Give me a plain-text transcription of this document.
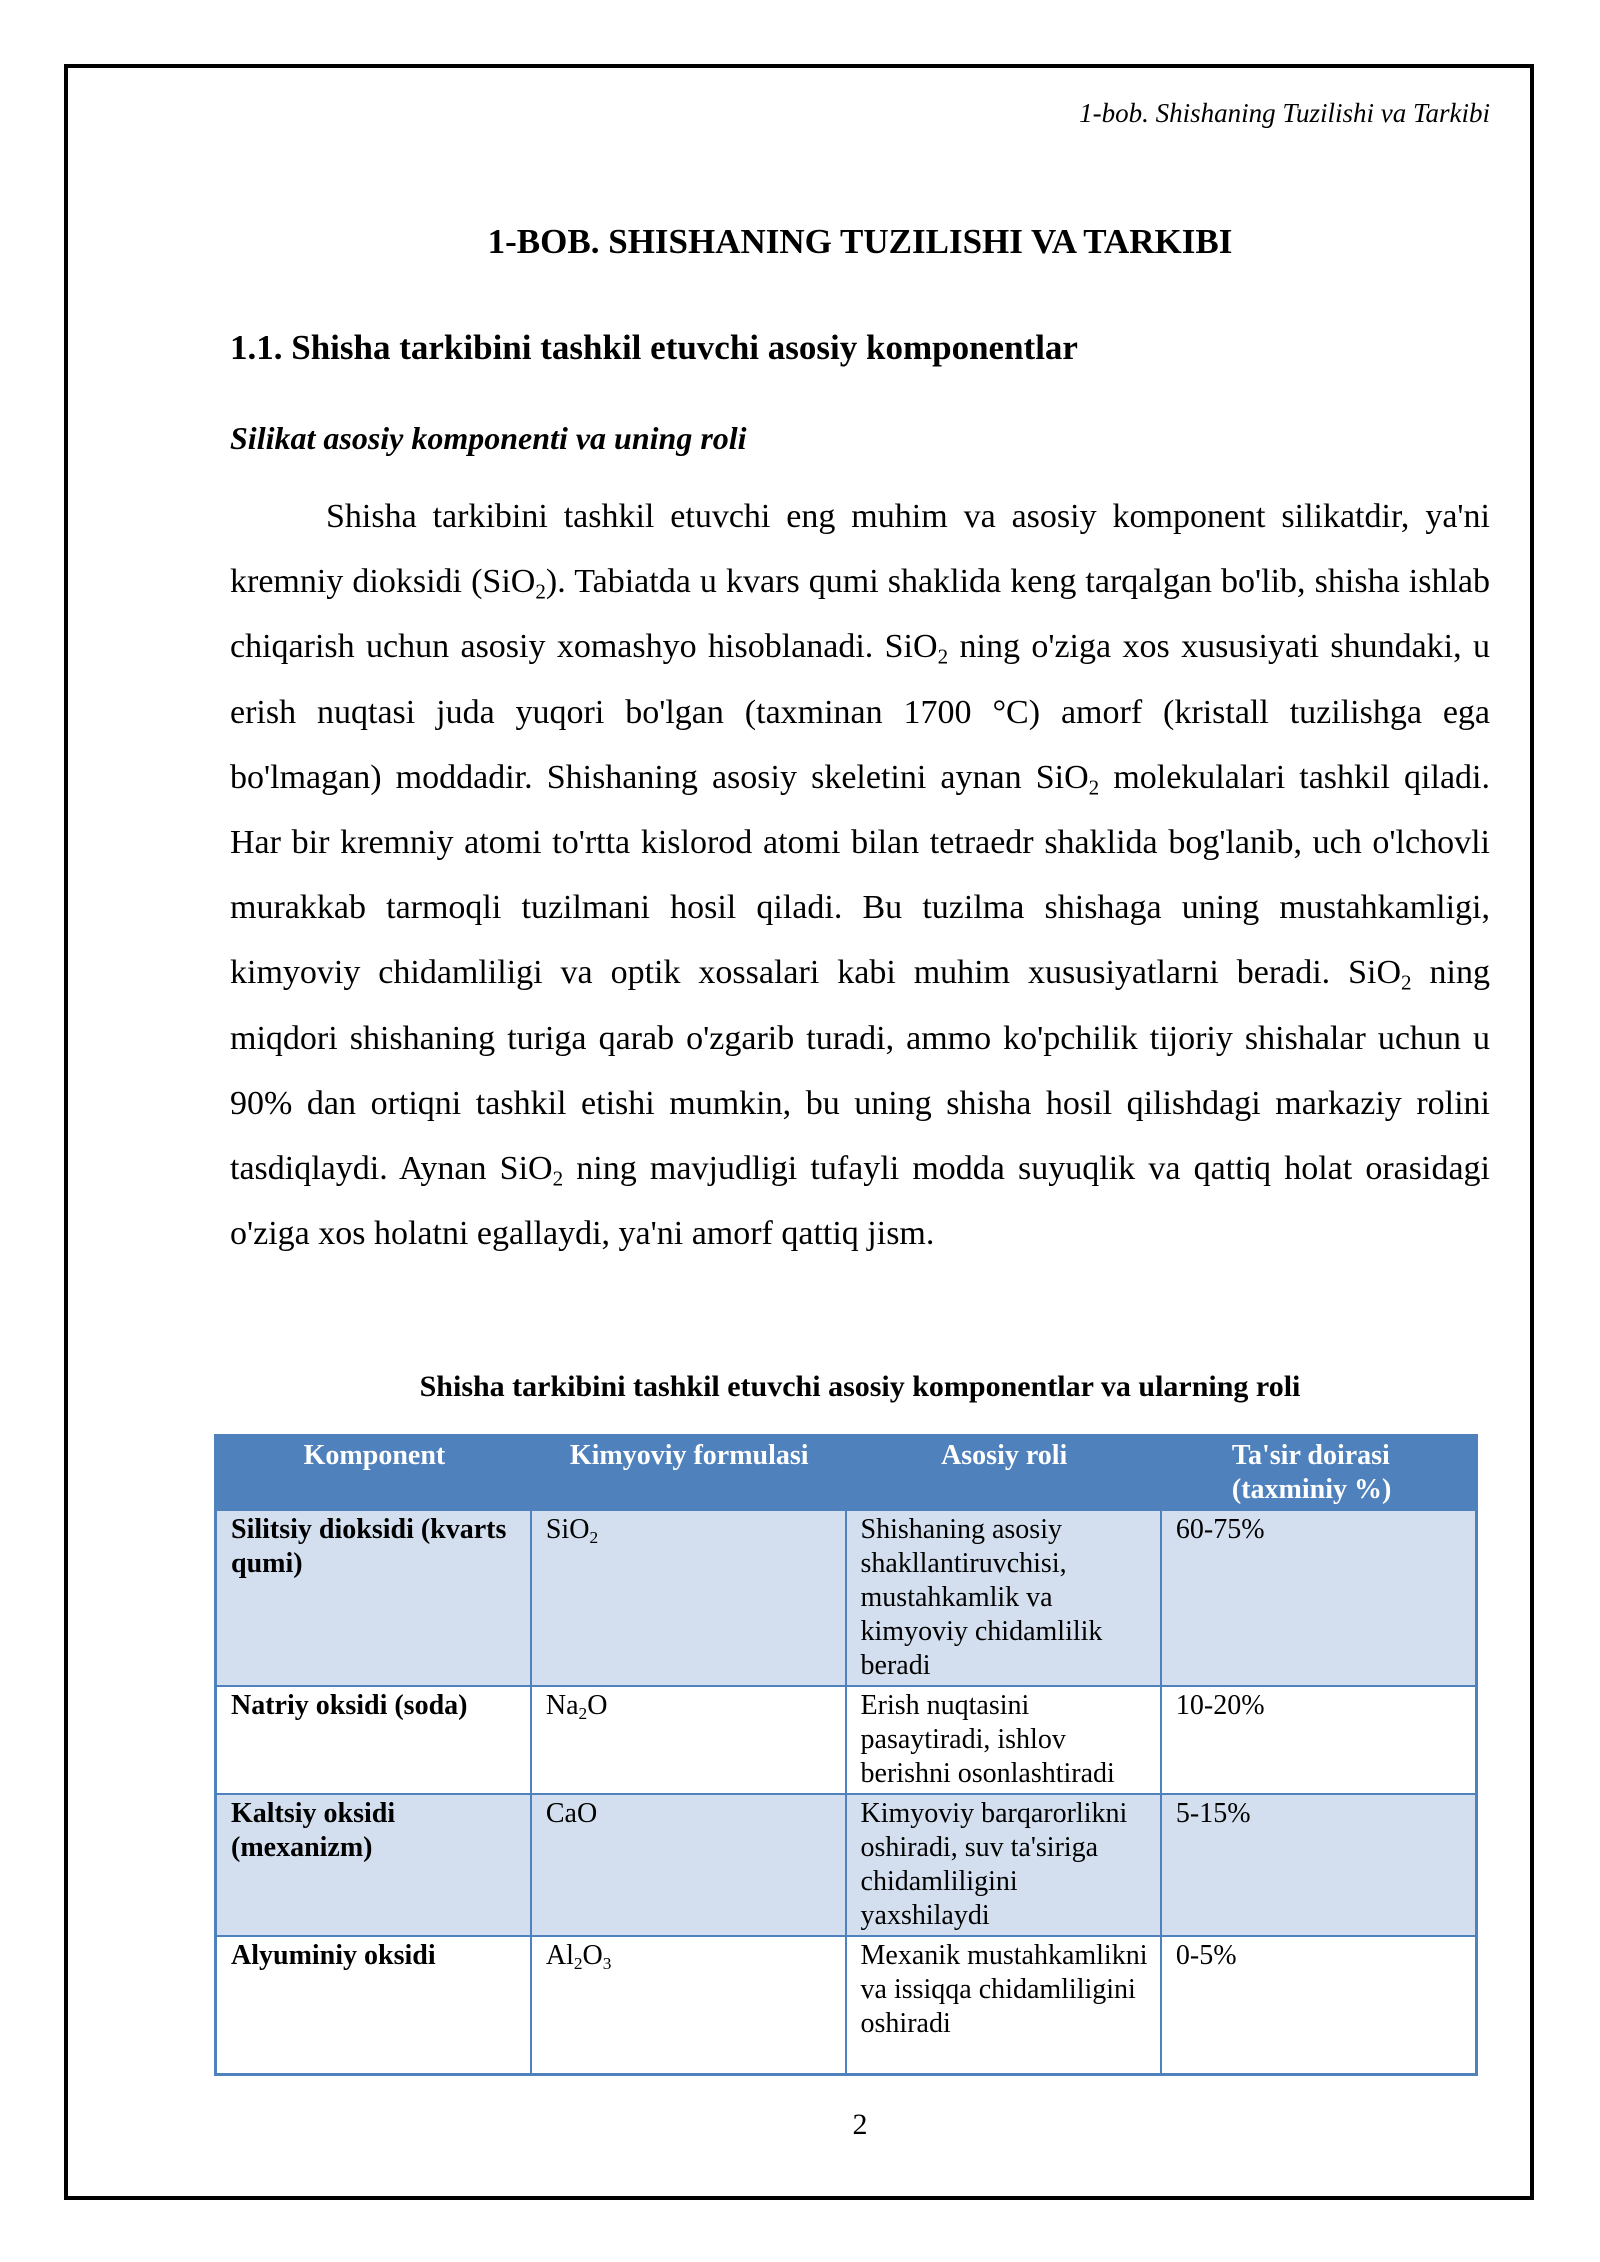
1-bob. Shishaning Tuzilishi va Tarkibi
1-BOB. SHISHANING TUZILISHI VA TARKIBI
1.1. Shisha tarkibini tashkil etuvchi asosiy komponentlar
Silikat asosiy komponenti va uning roli

Shisha tarkibini tashkil etuvchi eng muhim va asosiy komponent silikatdir, ya'ni kremniy dioksidi (SiO$_2$). Tabiatda u kvars qumi shaklida keng tarqalgan bo'lib, shisha ishlab chiqarish uchun asosiy xomashyo hisoblanadi. SiO$_2$ ning o'ziga xos xususiyati shundaki, u erish nuqtasi juda yuqori bo'lgan (taxminan 1700 °C) amorf (kristall tuzilishga ega bo'lmagan) moddadir. Shishaning asosiy skeletini aynan SiO$_2$ molekulalari tashkil qiladi. Har bir kremniy atomi to'rtta kislorod atomi bilan tetraedr shaklida bog'lanib, uch o'lchovli murakkab tarmoqli tuzilmani hosil qiladi. Bu tuzilma shishaga uning mustahkamligi, kimyoviy chidamliligi va optik xossalari kabi muhim xususiyatlarni beradi. SiO$_2$ ning miqdori shishaning turiga qarab o'zgarib turadi, ammo ko'pchilik tijoriy shishalar uchun u 90% dan ortiqni tashkil etishi mumkin, bu uning shisha hosil qilishdagi markaziy rolini tasdiqlaydi. Aynan SiO$_2$ ning mavjudligi tufayli modda suyuqlik va qattiq holat orasidagi o'ziga xos holatni egallaydi, ya'ni amorf qattiq jism.

Shisha tarkibini tashkil etuvchi asosiy komponentlar va ularning roli
Komponent	Kimyoviy formulasi	Asosiy roli	Ta'sir doirasi (taxminiy %)
Silitsiy dioksidi (kvarts qumi)	SiO$_2$	Shishaning asosiy shakllantiruvchisi, mustahkamlik va kimyoviy chidamlilik beradi	60-75%
Natriy oksidi (soda)	$Na_2O$	Erish nuqtasini pasaytiradi, ishlov berishni osonlashtiradi	10-20%
Kaltsiy oksidi (mexanizm)	CaO	Kimyoviy barqarorlikni oshiradi, suv ta'siriga chidamliligini yaxshilaydi	5-15%
Alyuminiy oksidi	$Al_2O_3$	Mexanik mustahkamlikni va issiqqa chidamliligini oshiradi	0-5%
2
